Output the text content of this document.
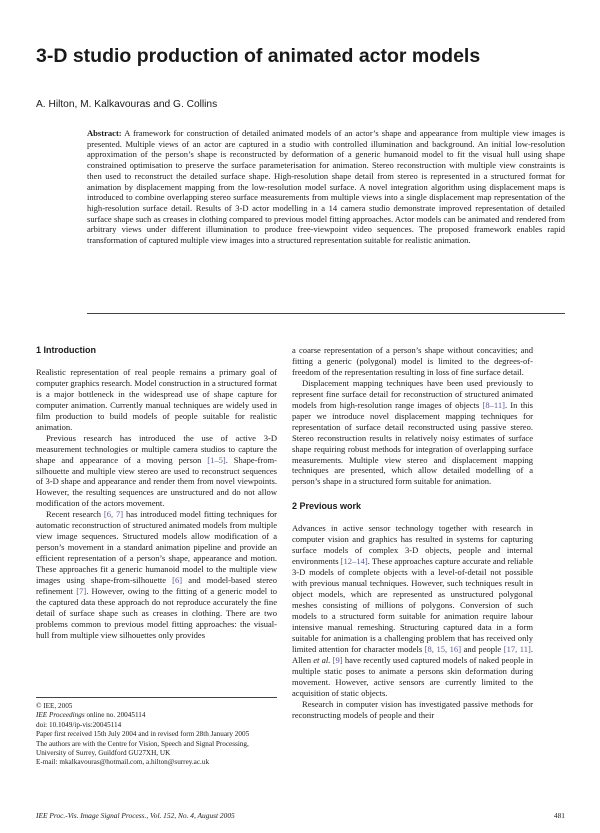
3-D studio production of animated actor models
A. Hilton, M. Kalkavouras and G. Collins

Abstract: A framework for construction of detailed animated models of an actor’s shape and appearance from multiple view images is presented. Multiple views of an actor are captured in a studio with controlled illumination and background. An initial low-resolution approximation of the person’s shape is reconstructed by deformation of a generic humanoid model to fit the visual hull using shape constrained optimisation to preserve the surface parameterisation for animation. Stereo reconstruction with multiple view constraints is then used to reconstruct the detailed surface shape. High-resolution shape detail from stereo is represented in a structured format for animation by displacement mapping from the low-resolution model surface. A novel integration algorithm using displacement maps is introduced to combine overlapping stereo surface measurements from multiple views into a single displacement map representation of the high-resolution surface detail. Results of 3-D actor modelling in a 14 camera studio demonstrate improved representation of detailed surface shape such as creases in clothing compared to previous model fitting approaches. Actor models can be animated and rendered from arbitrary views under different illumination to produce free-viewpoint video sequences. The proposed framework enables rapid transformation of captured multiple view images into a structured representation suitable for realistic animation.

1 Introduction

Realistic representation of real people remains a primary goal of computer graphics research. Model construction in a structured format is a major bottleneck in the widespread use of shape capture for computer animation. Currently manual techniques are widely used in film production to build models of people suitable for realistic animation.

Previous research has introduced the use of active 3-D measurement technologies or multiple camera studios to capture the shape and appearance of a moving person [1–5]. Shape-from-silhouette and multiple view stereo are used to reconstruct sequences of 3-D shape and appearance and render them from novel viewpoints. However, the resulting sequences are unstructured and do not allow modification of the actors movement.

Recent research [6, 7] has introduced model fitting techniques for automatic reconstruction of structured animated models from multiple view image sequences. Structured models allow modification of a person’s movement in a standard animation pipeline and provide an efficient representation of a person’s shape, appearance and motion. These approaches fit a generic humanoid model to the multiple view images using shape-from-silhouette [6] and model-based stereo refinement [7]. However, owing to the fitting of a generic model to the captured data these approach do not reproduce accurately the fine detail of surface shape such as creases in clothing. There are two problems common to previous model fitting approaches: the visual-hull from multiple view silhouettes only provides

a coarse representation of a person’s shape without concavities; and fitting a generic (polygonal) model is limited to the degrees-of-freedom of the representation resulting in loss of fine surface detail.

Displacement mapping techniques have been used previously to represent fine surface detail for reconstruction of structured animated models from high-resolution range images of objects [8–11]. In this paper we introduce novel displacement mapping techniques for representation of surface detail reconstructed using passive stereo. Stereo reconstruction results in relatively noisy estimates of surface shape requiring robust methods for integration of overlapping surface measurements. Multiple view stereo and displacement mapping techniques are presented, which allow detailed modelling of a person’s shape in a structured form suitable for animation.

2 Previous work

Advances in active sensor technology together with research in computer vision and graphics has resulted in systems for capturing surface models of complex 3-D objects, people and internal environments [12–14]. These approaches capture accurate and reliable 3-D models of complete objects with a level-of-detail not possible with previous manual techniques. However, such techniques result in object models, which are represented as unstructured polygonal meshes consisting of millions of polygons. Conversion of such models to a structured form suitable for animation require labour intensive manual remeshing. Structuring captured data in a form suitable for animation is a challenging problem that has received only limited attention for character models [8, 15, 16] and people [17, 11]. Allen et al. [9] have recently used captured models of naked people in multiple static poses to animate a persons skin deformation during movement. However, active sensors are currently limited to the acquisition of static objects.

Research in computer vision has investigated passive methods for reconstructing models of people and their

© IEE, 2005
IEE Proceedings online no. 20045114
doi: 10.1049/ip-vis:20045114
Paper first received 15th July 2004 and in revised form 28th January 2005
The authors are with the Centre for Vision, Speech and Signal Processing, University of Surrey, Guildford GU27XH, UK
E-mail: mkalkavouras@hotmail.com, a.hilton@surrey.ac.uk
IEE Proc.-Vis. Image Signal Process., Vol. 152, No. 4, August 2005	481
